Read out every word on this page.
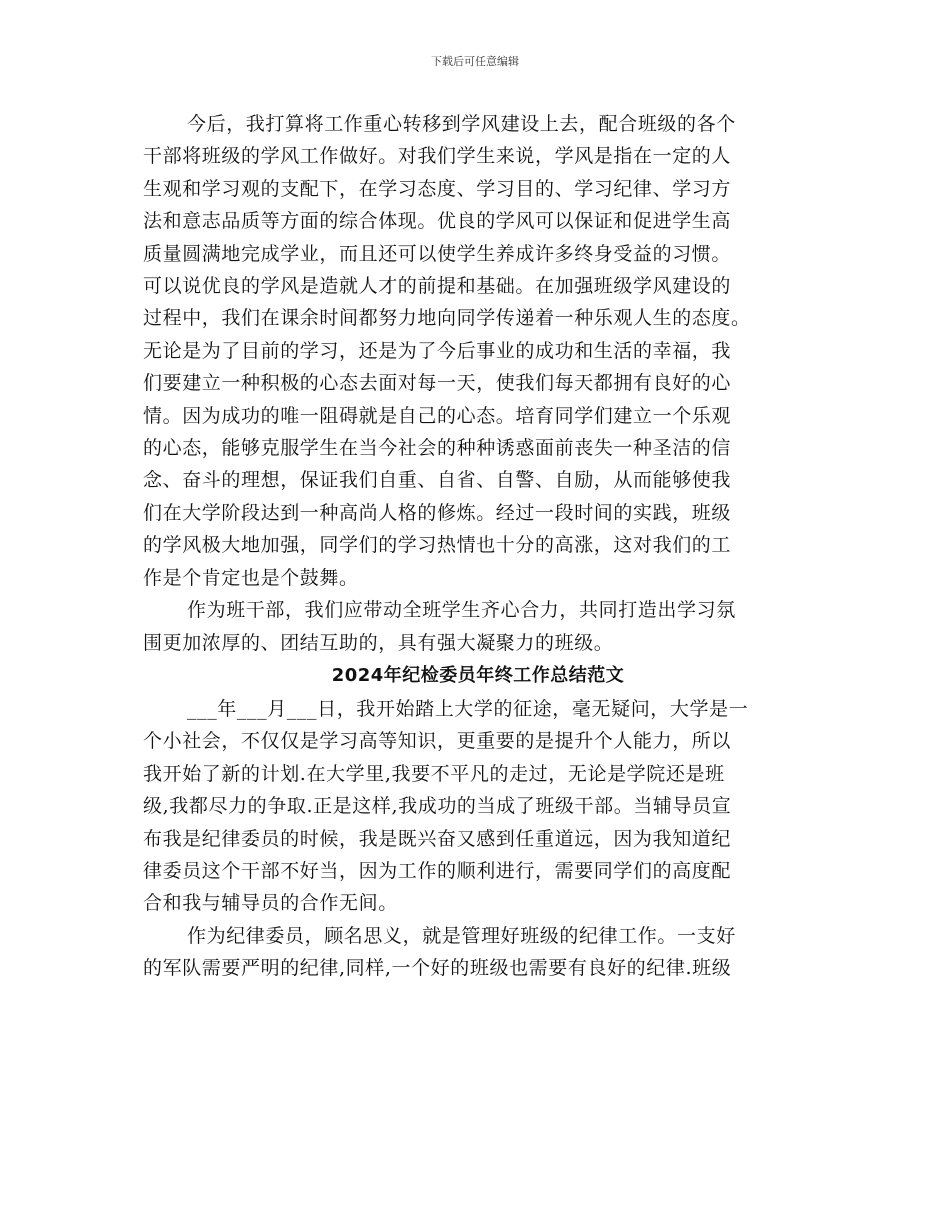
下载后可任意编辑

今后，我打算将工作重心转移到学风建设上去，配合班级的各个
干部将班级的学风工作做好。对我们学生来说，学风是指在一定的人
生观和学习观的支配下，在学习态度、学习目的、学习纪律、学习方
法和意志品质等方面的综合体现。优良的学风可以保证和促进学生高
质量圆满地完成学业，而且还可以使学生养成许多终身受益的习惯。
可以说优良的学风是造就人才的前提和基础。在加强班级学风建设的
过程中，我们在课余时间都努力地向同学传递着一种乐观人生的态度。
无论是为了目前的学习，还是为了今后事业的成功和生活的幸福，我
们要建立一种积极的心态去面对每一天，使我们每天都拥有良好的心
情。因为成功的唯一阻碍就是自己的心态。培育同学们建立一个乐观
的心态，能够克服学生在当今社会的种种诱惑面前丧失一种圣洁的信
念、奋斗的理想，保证我们自重、自省、自警、自励，从而能够使我
们在大学阶段达到一种高尚人格的修炼。经过一段时间的实践，班级
的学风极大地加强，同学们的学习热情也十分的高涨，这对我们的工
作是个肯定也是个鼓舞。

作为班干部，我们应带动全班学生齐心合力，共同打造出学习氛
围更加浓厚的、团结互助的，具有强大凝聚力的班级。

2024年纪检委员年终工作总结范文

___年___月___日，我开始踏上大学的征途，毫无疑问，大学是一
个小社会，不仅仅是学习高等知识，更重要的是提升个人能力，所以
我开始了新的计划.在大学里,我要不平凡的走过，无论是学院还是班
级,我都尽力的争取.正是这样,我成功的当成了班级干部。当辅导员宣
布我是纪律委员的时候，我是既兴奋又感到任重道远，因为我知道纪
律委员这个干部不好当，因为工作的顺利进行，需要同学们的高度配
合和我与辅导员的合作无间。

作为纪律委员，顾名思义，就是管理好班级的纪律工作。一支好
的军队需要严明的纪律,同样,一个好的班级也需要有良好的纪律.班级
